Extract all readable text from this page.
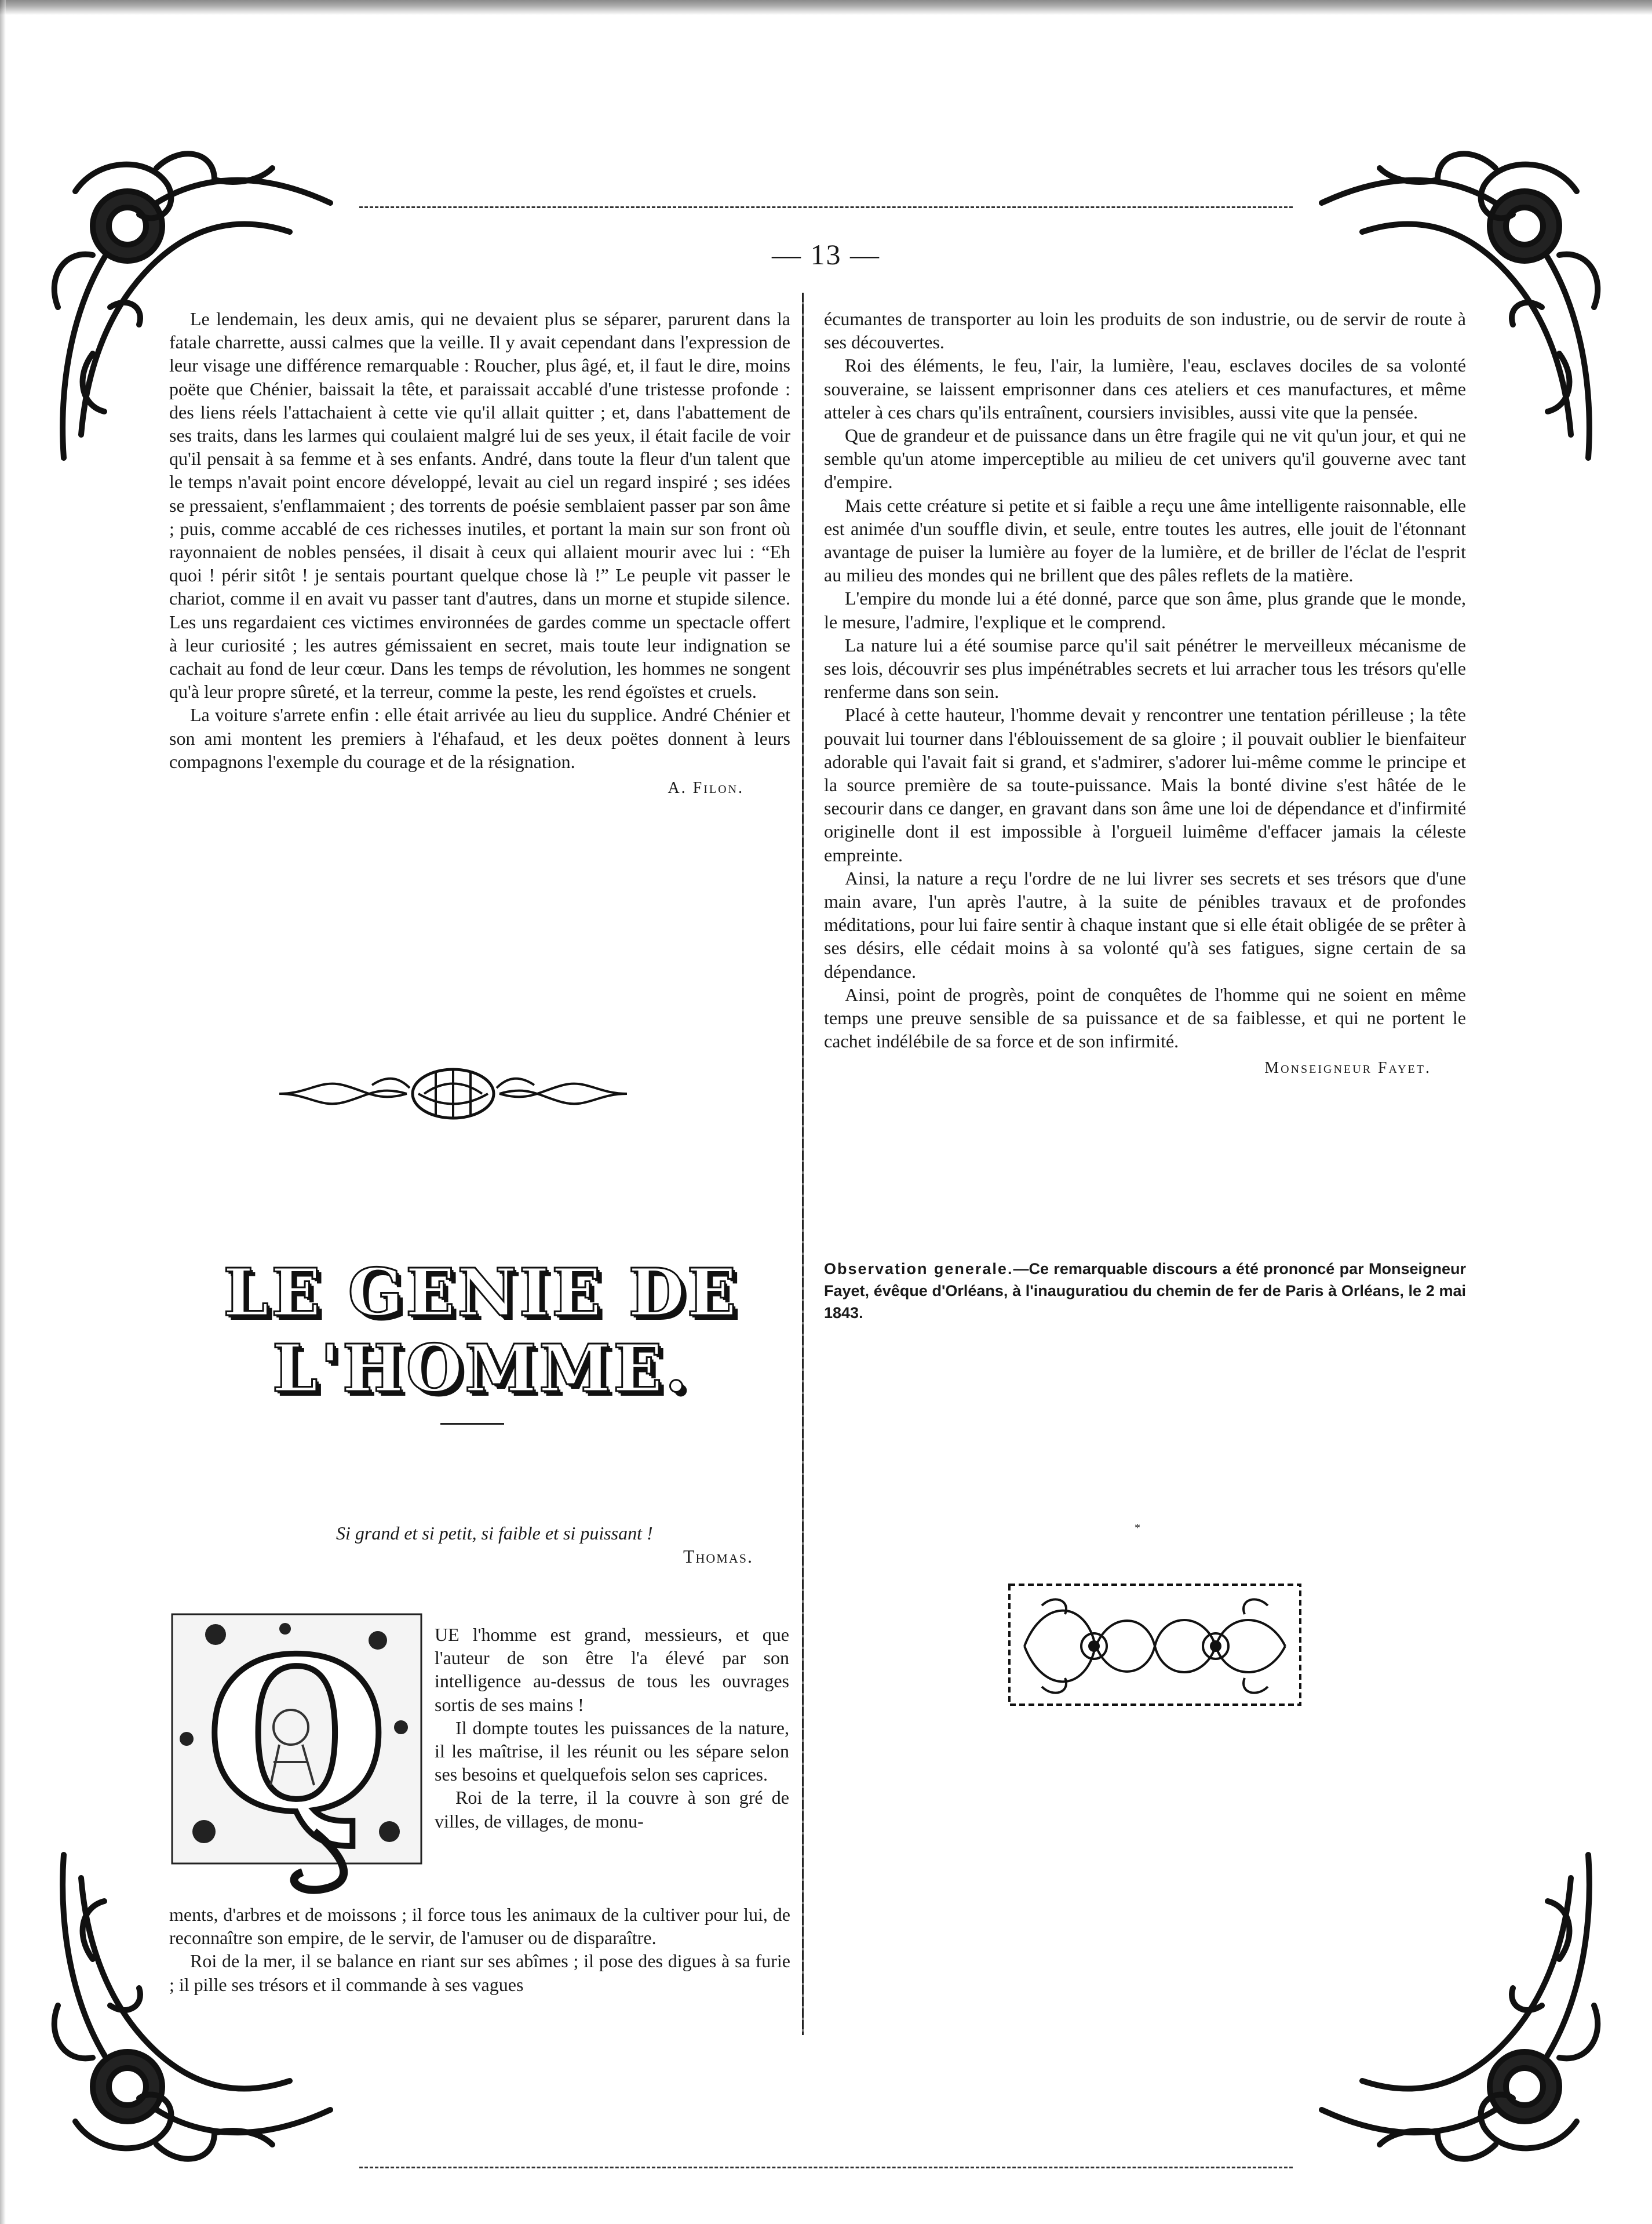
— 13 —

Le lendemain, les deux amis, qui ne devaient plus se séparer, parurent dans la fatale charrette, aussi calmes que la veille. Il y avait cependant dans l'expression de leur visage une différence remarquable : Roucher, plus âgé, et, il faut le dire, moins poëte que Chénier, baissait la tête, et paraissait accablé d'une tristesse profonde : des liens réels l'attachaient à cette vie qu'il allait quitter ; et, dans l'abattement de ses traits, dans les larmes qui coulaient malgré lui de ses yeux, il était facile de voir qu'il pensait à sa femme et à ses enfants. André, dans toute la fleur d'un talent que le temps n'avait point encore développé, levait au ciel un regard inspiré ; ses idées se pressaient, s'enflammaient ; des torrents de poésie semblaient passer par son âme ; puis, comme accablé de ces richesses inutiles, et portant la main sur son front où rayonnaient de nobles pensées, il disait à ceux qui allaient mourir avec lui : “Eh quoi ! périr sitôt ! je sentais pourtant quelque chose là !” Le peuple vit passer le chariot, comme il en avait vu passer tant d'autres, dans un morne et stupide silence. Les uns regardaient ces victimes environnées de gardes comme un spectacle offert à leur curiosité ; les autres gémissaient en secret, mais toute leur indignation se cachait au fond de leur cœur. Dans les temps de révolution, les hommes ne songent qu'à leur propre sûreté, et la terreur, comme la peste, les rend égoïstes et cruels.

La voiture s'arrete enfin : elle était arrivée au lieu du supplice. André Chénier et son ami montent les premiers à l'éhafaud, et les deux poëtes donnent à leurs compagnons l'exemple du courage et de la résignation.

A. Filon.
LE GENIE DE L'HOMME.
Si grand et si petit, si faible et si puissant !
Thomas.
Q	UE l'homme est grand, messieurs, et que l'auteur de son être l'a élevé par son intelligence au-dessus de tous les ouvrages sortis de ses mains !

Il dompte toutes les puissances de la nature, il les maîtrise, il les réunit ou les sépare selon ses besoins et quelquefois selon ses caprices.

Roi de la terre, il la couvre à son gré de villes, de villages, de monu-

ments, d'arbres et de moissons ; il force tous les animaux de la cultiver pour lui, de reconnaître son empire, de le servir, de l'amuser ou de disparaître.

Roi de la mer, il se balance en riant sur ses abîmes ; il pose des digues à sa furie ; il pille ses trésors et il commande à ses vagues

écumantes de transporter au loin les produits de son industrie, ou de servir de route à ses découvertes.

Roi des éléments, le feu, l'air, la lumière, l'eau, esclaves dociles de sa volonté souveraine, se laissent emprisonner dans ces ateliers et ces manufactures, et même atteler à ces chars qu'ils entraînent, coursiers invisibles, aussi vite que la pensée.

Que de grandeur et de puissance dans un être fragile qui ne vit qu'un jour, et qui ne semble qu'un atome imperceptible au milieu de cet univers qu'il gouverne avec tant d'empire.

Mais cette créature si petite et si faible a reçu une âme intelligente raisonnable, elle est animée d'un souffle divin, et seule, entre toutes les autres, elle jouit de l'étonnant avantage de puiser la lumière au foyer de la lumière, et de briller de l'éclat de l'esprit au milieu des mondes qui ne brillent que des pâles reflets de la matière.

L'empire du monde lui a été donné, parce que son âme, plus grande que le monde, le mesure, l'admire, l'explique et le comprend.

La nature lui a été soumise parce qu'il sait pénétrer le merveilleux mécanisme de ses lois, découvrir ses plus impénétrables secrets et lui arracher tous les trésors qu'elle renferme dans son sein.

Placé à cette hauteur, l'homme devait y rencontrer une tentation périlleuse ; la tête pouvait lui tourner dans l'éblouissement de sa gloire ; il pouvait oublier le bienfaiteur adorable qui l'avait fait si grand, et s'admirer, s'adorer lui-même comme le principe et la source première de sa toute-puissance. Mais la bonté divine s'est hâtée de le secourir dans ce danger, en gravant dans son âme une loi de dépendance et d'infirmité originelle dont il est impossible à l'orgueil luimême d'effacer jamais la céleste empreinte.

Ainsi, la nature a reçu l'ordre de ne lui livrer ses secrets et ses trésors que d'une main avare, l'un après l'autre, à la suite de pénibles travaux et de profondes méditations, pour lui faire sentir à chaque instant que si elle était obligée de se prêter à ses désirs, elle cédait moins à sa volonté qu'à ses fatigues, signe certain de sa dépendance.

Ainsi, point de progrès, point de conquêtes de l'homme qui ne soient en même temps une preuve sensible de sa puissance et de sa faiblesse, et qui ne portent le cachet indélébile de sa force et de son infirmité.

Monseigneur Fayet.
Observation generale.—Ce remarquable discours a été prononcé par Monseigneur Fayet, évêque d'Orléans, à l'inauguratiou du chemin de fer de Paris à Orléans, le 2 mai 1843.
*
